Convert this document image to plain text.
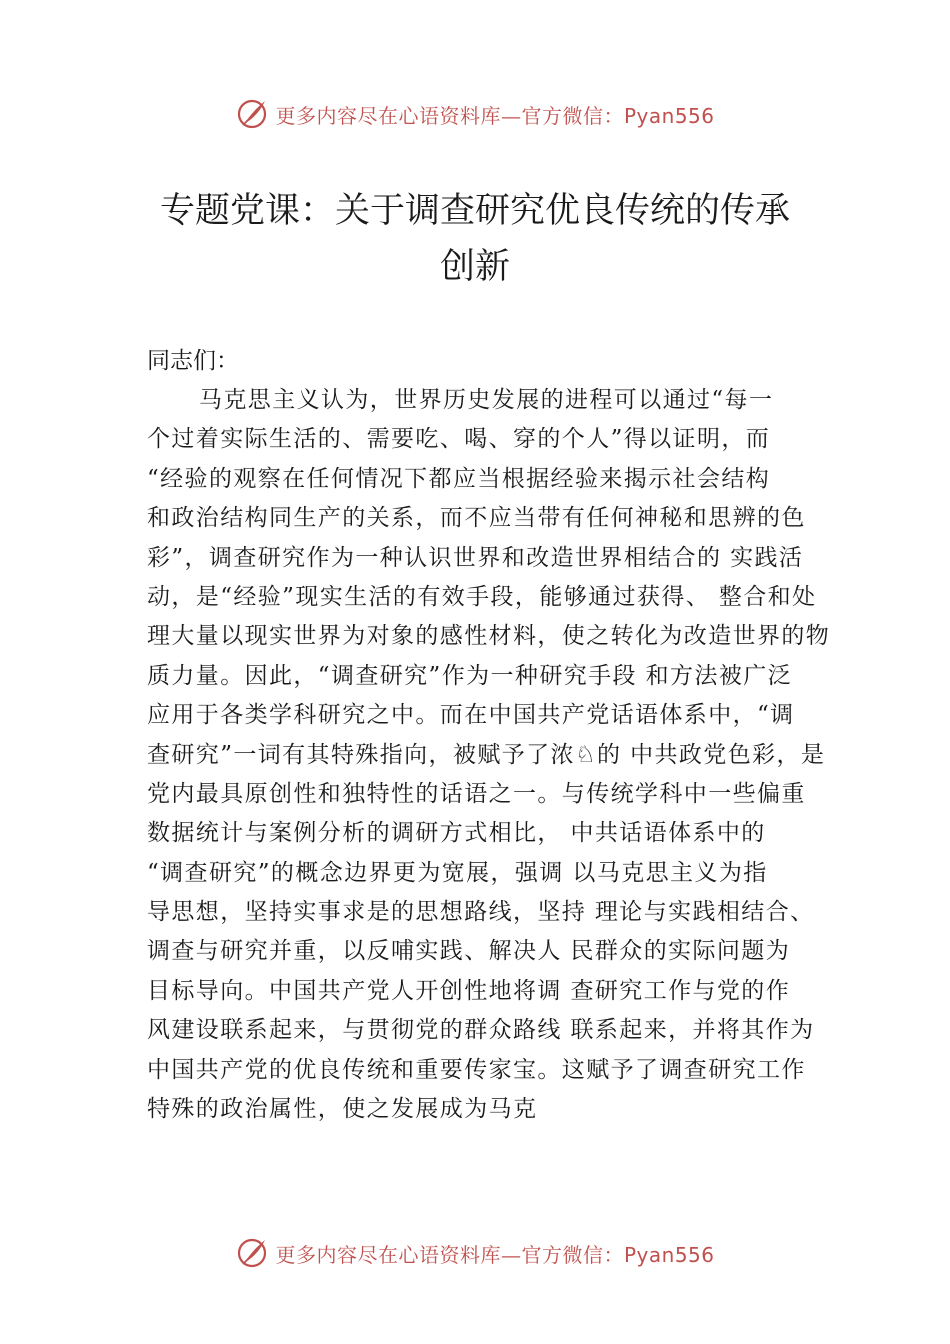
更多内容尽在心语资料库—官方微信：Pyan556
专题党课：关于调查研究优良传统的传承
创新
同志们：
马克思主义认为，世界历史发展的进程可以通过“每一
个过着实际生活的、需要吃、喝、穿的个人”得以证明，而
“经验的观察在任何情况下都应当根据经验来揭示社会结构
和政治结构同生产的关系，而不应当带有任何神秘和思辨的色
彩”，调查研究作为一种认识世界和改造世界相结合的 实践活
动，是“经验”现实生活的有效手段，能够通过获得、 整合和处
理大量以现实世界为对象的感性材料，使之转化为改造世界的物
质力量。因此，“调查研究”作为一种研究手段 和方法被广泛
应用于各类学科研究之中。而在中国共产党话语体系中，“调
查研究”一词有其特殊指向，被赋予了浓♘的 中共政党色彩，是
党内最具原创性和独特性的话语之一。与传统学科中一些偏重
数据统计与案例分析的调研方式相比， 中共话语体系中的
“调查研究”的概念边界更为宽展，强调 以马克思主义为指
导思想，坚持实事求是的思想路线，坚持 理论与实践相结合、
调查与研究并重，以反哺实践、解决人 民群众的实际问题为
目标导向。中国共产党人开创性地将调 查研究工作与党的作
风建设联系起来，与贯彻党的群众路线 联系起来，并将其作为
中国共产党的优良传统和重要传家宝。这赋予了调查研究工作
特殊的政治属性，使之发展成为马克
更多内容尽在心语资料库—官方微信：Pyan556
